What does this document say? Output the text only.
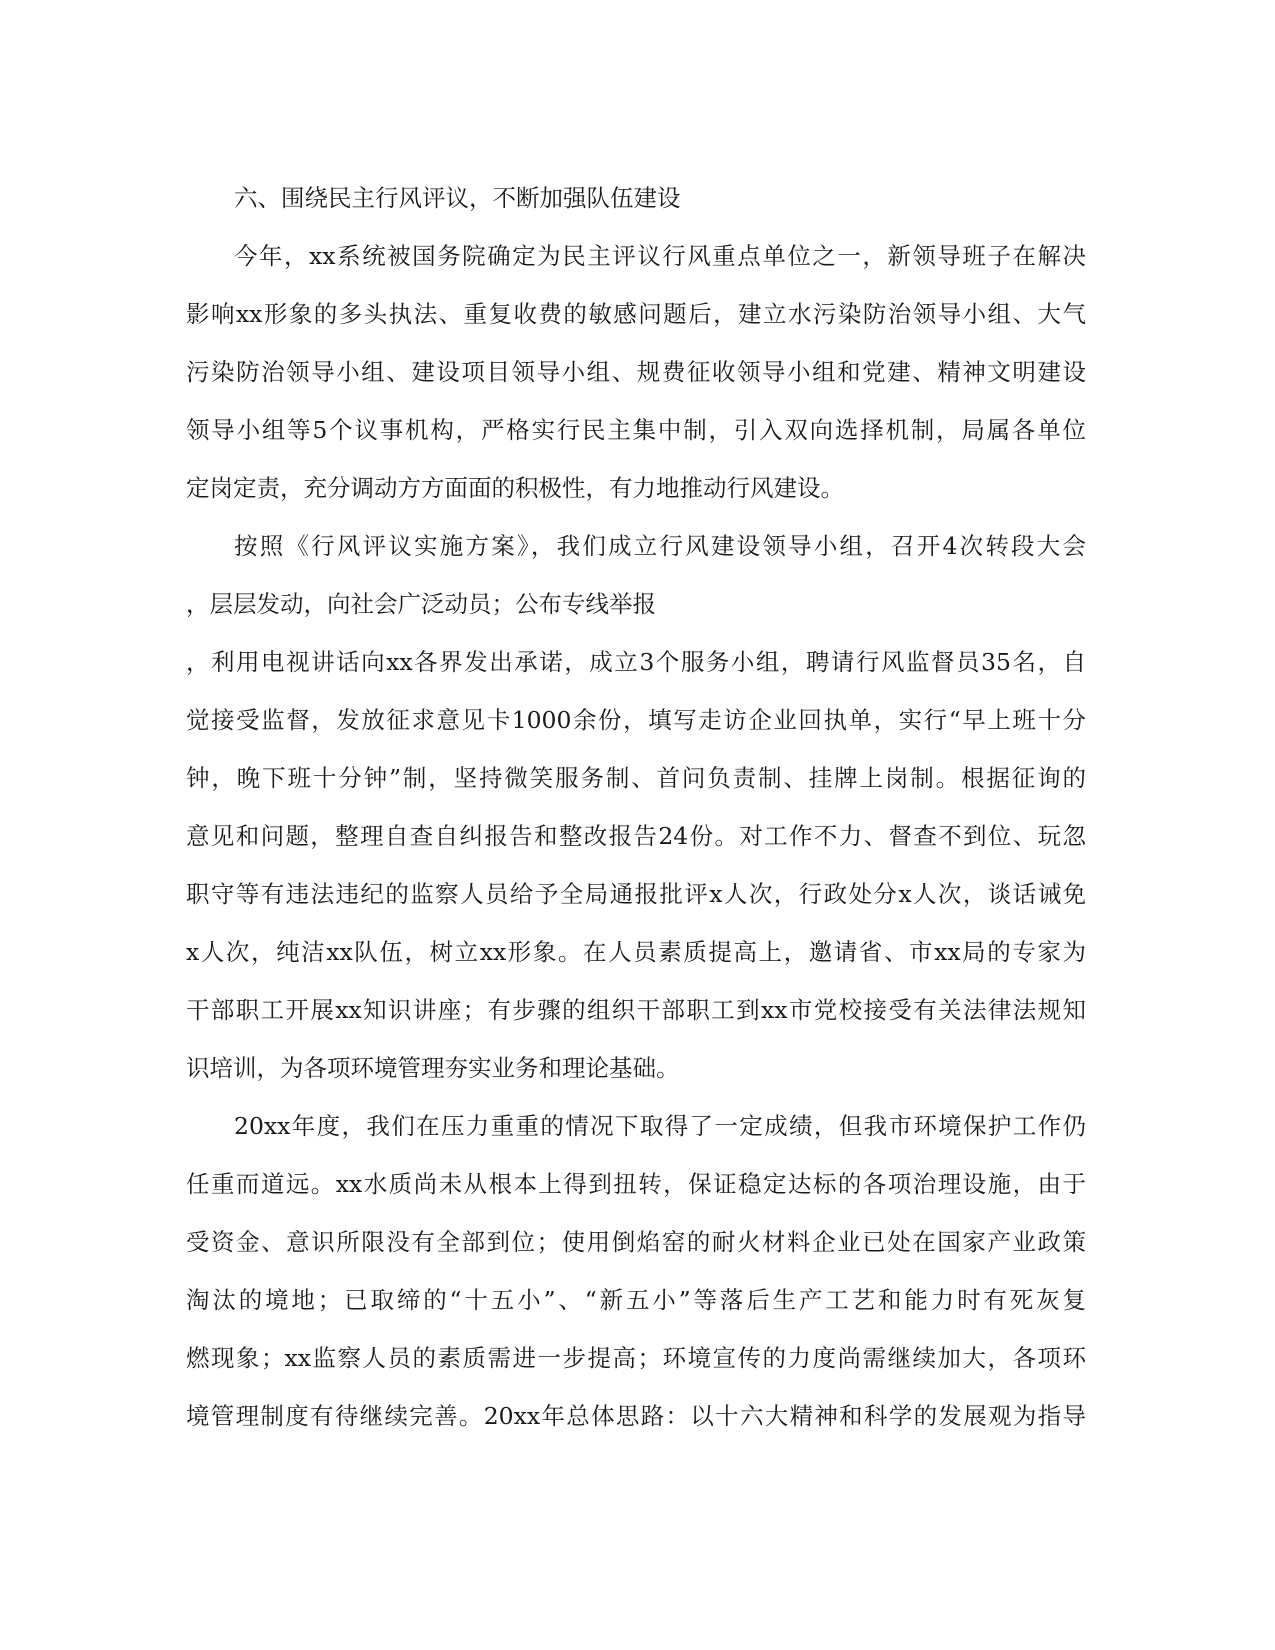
六、围绕民主行风评议，不断加强队伍建设
今年，xx系统被国务院确定为民主评议行风重点单位之一，新领导班子在解决
影响xx形象的多头执法、重复收费的敏感问题后，建立水污染防治领导小组、大气
污染防治领导小组、建设项目领导小组、规费征收领导小组和党建、精神文明建设
领导小组等5个议事机构，严格实行民主集中制，引入双向选择机制，局属各单位
定岗定责，充分调动方方面面的积极性，有力地推动行风建设。
按照《行风评议实施方案》，我们成立行风建设领导小组，召开4次转段大会
，层层发动，向社会广泛动员；公布专线举报
，利用电视讲话向xx各界发出承诺，成立3个服务小组，聘请行风监督员35名，自
觉接受监督，发放征求意见卡1000余份，填写走访企业回执单，实行“早上班十分
钟，晚下班十分钟”制，坚持微笑服务制、首问负责制、挂牌上岗制。根据征询的
意见和问题，整理自查自纠报告和整改报告24份。对工作不力、督查不到位、玩忽
职守等有违法违纪的监察人员给予全局通报批评x人次，行政处分x人次，谈话诫免
x人次，纯洁xx队伍，树立xx形象。在人员素质提高上，邀请省、市xx局的专家为
干部职工开展xx知识讲座；有步骤的组织干部职工到xx市党校接受有关法律法规知
识培训，为各项环境管理夯实业务和理论基础。
20xx年度，我们在压力重重的情况下取得了一定成绩，但我市环境保护工作仍
任重而道远。xx水质尚未从根本上得到扭转，保证稳定达标的各项治理设施，由于
受资金、意识所限没有全部到位；使用倒焰窑的耐火材料企业已处在国家产业政策
淘汰的境地；已取缔的“十五小”、“新五小”等落后生产工艺和能力时有死灰复
燃现象；xx监察人员的素质需进一步提高；环境宣传的力度尚需继续加大，各项环
境管理制度有待继续完善。20xx年总体思路：以十六大精神和科学的发展观为指导
